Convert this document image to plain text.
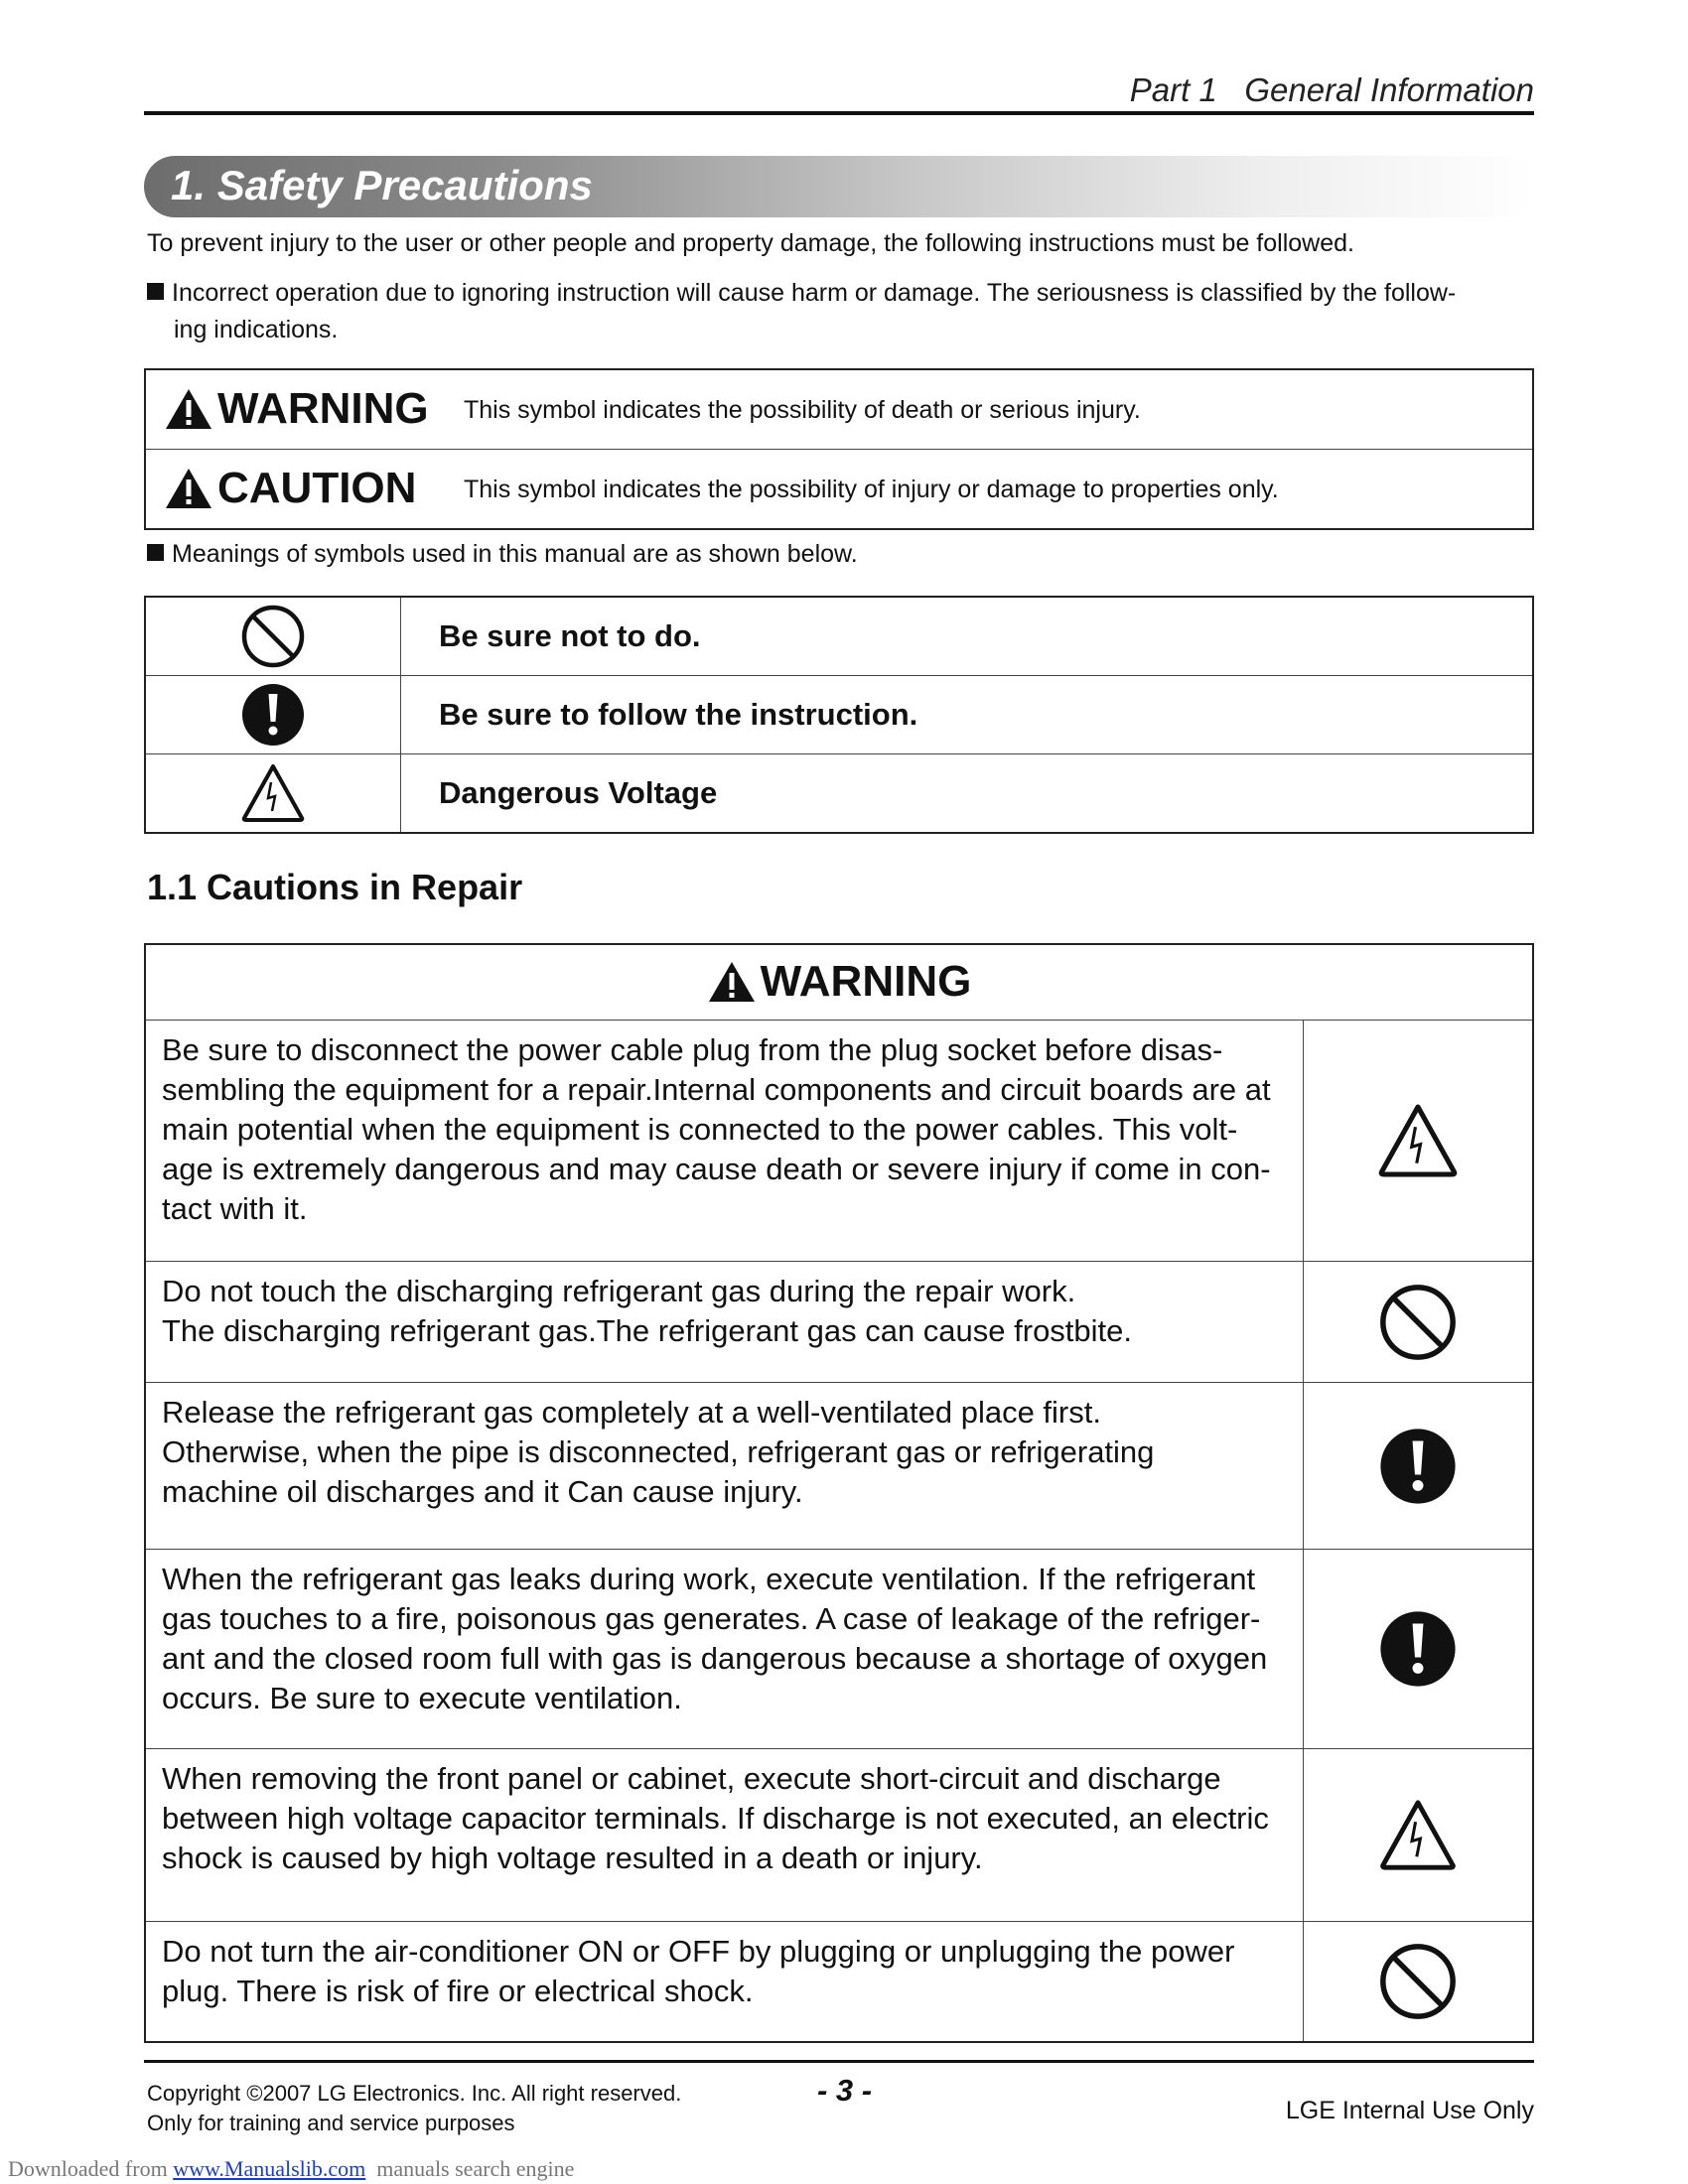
Part 1 General Information
1. Safety Precautions
To prevent injury to the user or other people and property damage, the following instructions must be followed.
Incorrect operation due to ignoring instruction will cause harm or damage. The seriousness is classified by the follow-
ing indications.
WARNING This symbol indicates the possibility of death or serious injury.
CAUTION This symbol indicates the possibility of injury or damage to properties only.
Meanings of symbols used in this manual are as shown below.
	Be sure not to do.

	Be sure to follow the instruction.

	Dangerous Voltage
1.1 Cautions in Repair
WARNING	

Be sure to disconnect the power cable plug from the plug socket before disas-
sembling the equipment for a repair.Internal components and circuit boards are at
main potential when the equipment is connected to the power cables. This volt-
age is extremely dangerous and may cause death or severe injury if come in con-
tact with it.

Do not touch the discharging refrigerant gas during the repair work.
The discharging refrigerant gas.The refrigerant gas can cause frostbite.

Release the refrigerant gas completely at a well-ventilated place first.
Otherwise, when the pipe is disconnected, refrigerant gas or refrigerating
machine oil discharges and it Can cause injury.

When the refrigerant gas leaks during work, execute ventilation. If the refrigerant
gas touches to a fire, poisonous gas generates. A case of leakage of the refriger-
ant and the closed room full with gas is dangerous because a shortage of oxygen
occurs. Be sure to execute ventilation.

When removing the front panel or cabinet, execute short-circuit and discharge
between high voltage capacitor terminals. If discharge is not executed, an electric
shock is caused by high voltage resulted in a death or injury.

Do not turn the air-conditioner ON or OFF by plugging or unplugging the power
plug. There is risk of fire or electrical shock.

Copyright ©2007 LG Electronics. Inc. All right reserved.
Only for training and service purposes
- 3 -
LGE Internal Use Only
Downloaded from www.Manualslib.com manuals search engine
